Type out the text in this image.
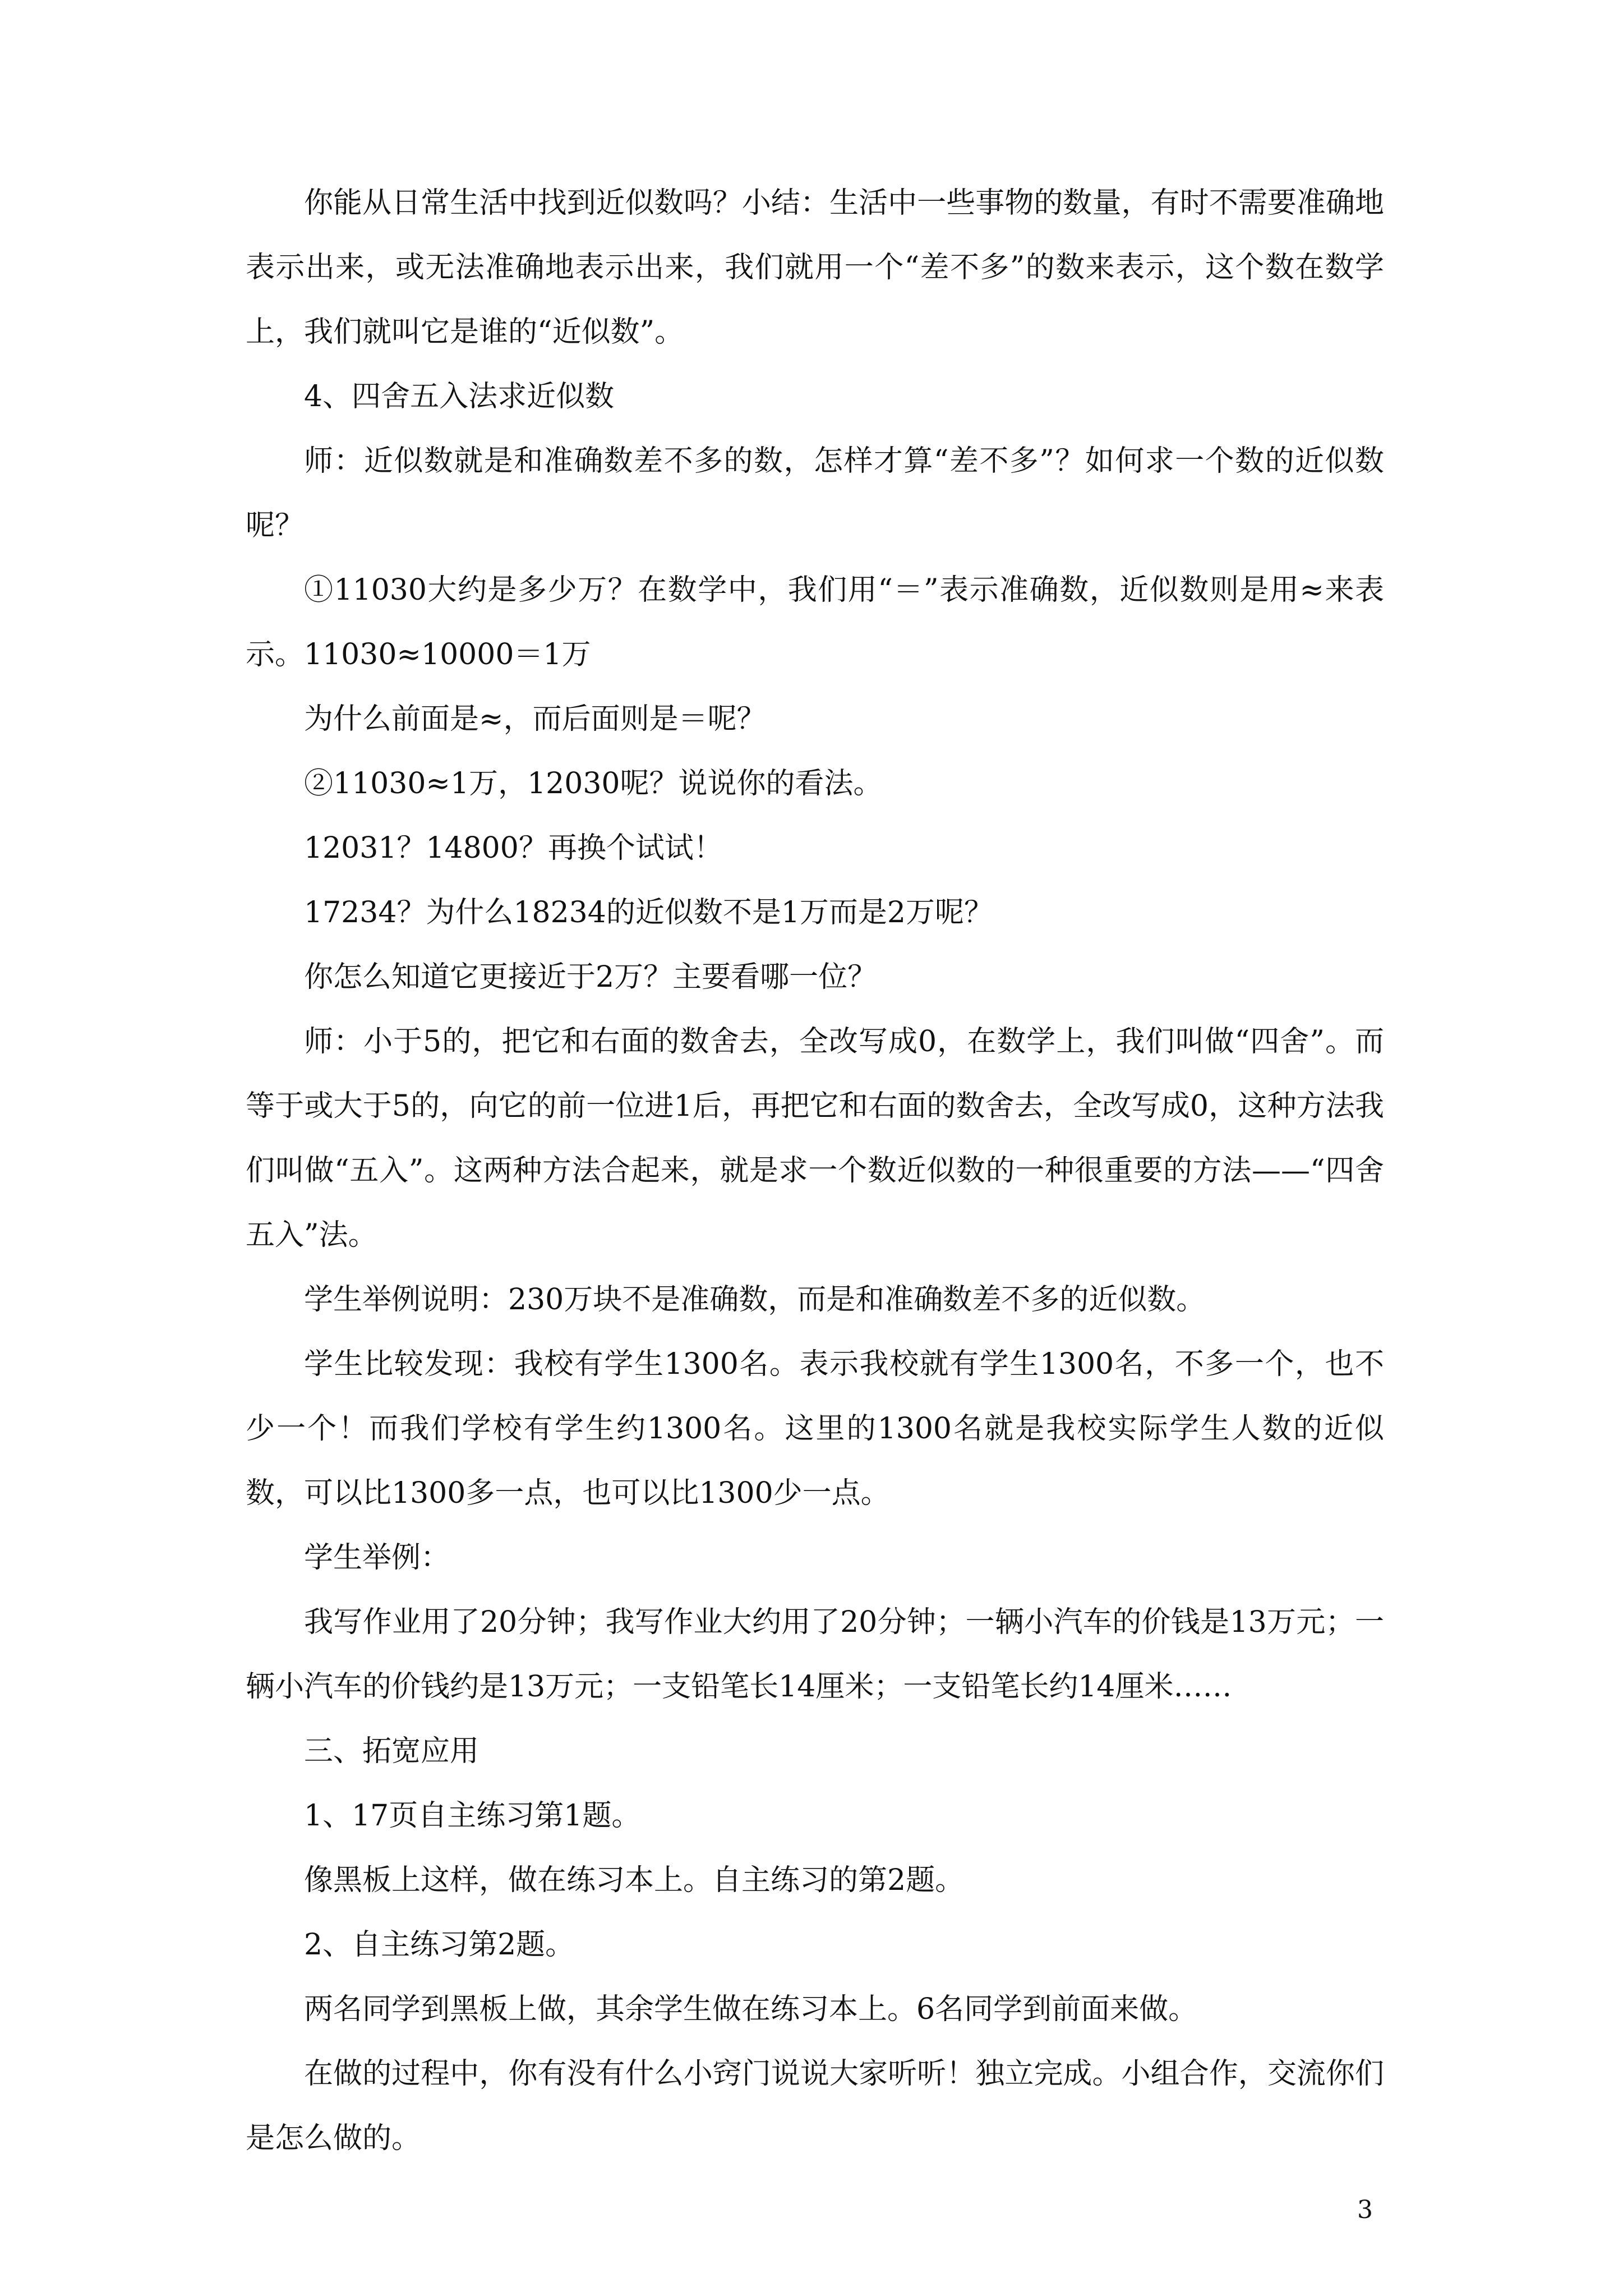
你能从日常生活中找到近似数吗？小结：生活中一些事物的数量，有时不需要准确地表示出来，或无法准确地表示出来，我们就用一个“差不多”的数来表示，这个数在数学上，我们就叫它是谁的“近似数”。

4、四舍五入法求近似数

师：近似数就是和准确数差不多的数，怎样才算“差不多”？如何求一个数的近似数呢？

①11030大约是多少万？在数学中，我们用“＝”表示准确数，近似数则是用≈来表示。11030≈10000＝1万

为什么前面是≈，而后面则是＝呢？

②11030≈1万，12030呢？说说你的看法。

12031？14800？再换个试试！

17234？为什么18234的近似数不是1万而是2万呢？

你怎么知道它更接近于2万？主要看哪一位？

师：小于5的，把它和右面的数舍去，全改写成0，在数学上，我们叫做“四舍”。而等于或大于5的，向它的前一位进1后，再把它和右面的数舍去，全改写成0，这种方法我们叫做“五入”。这两种方法合起来，就是求一个数近似数的一种很重要的方法——“四舍五入”法。

学生举例说明：230万块不是准确数，而是和准确数差不多的近似数。

学生比较发现：我校有学生1300名。表示我校就有学生1300名，不多一个，也不少一个！而我们学校有学生约1300名。这里的1300名就是我校实际学生人数的近似数，可以比1300多一点，也可以比1300少一点。

学生举例：

我写作业用了20分钟；我写作业大约用了20分钟；一辆小汽车的价钱是13万元；一辆小汽车的价钱约是13万元；一支铅笔长14厘米；一支铅笔长约14厘米……

三、拓宽应用

1、17页自主练习第1题。

像黑板上这样，做在练习本上。自主练习的第2题。

2、自主练习第2题。

两名同学到黑板上做，其余学生做在练习本上。6名同学到前面来做。

在做的过程中，你有没有什么小窍门说说大家听听！独立完成。小组合作，交流你们是怎么做的。

3
